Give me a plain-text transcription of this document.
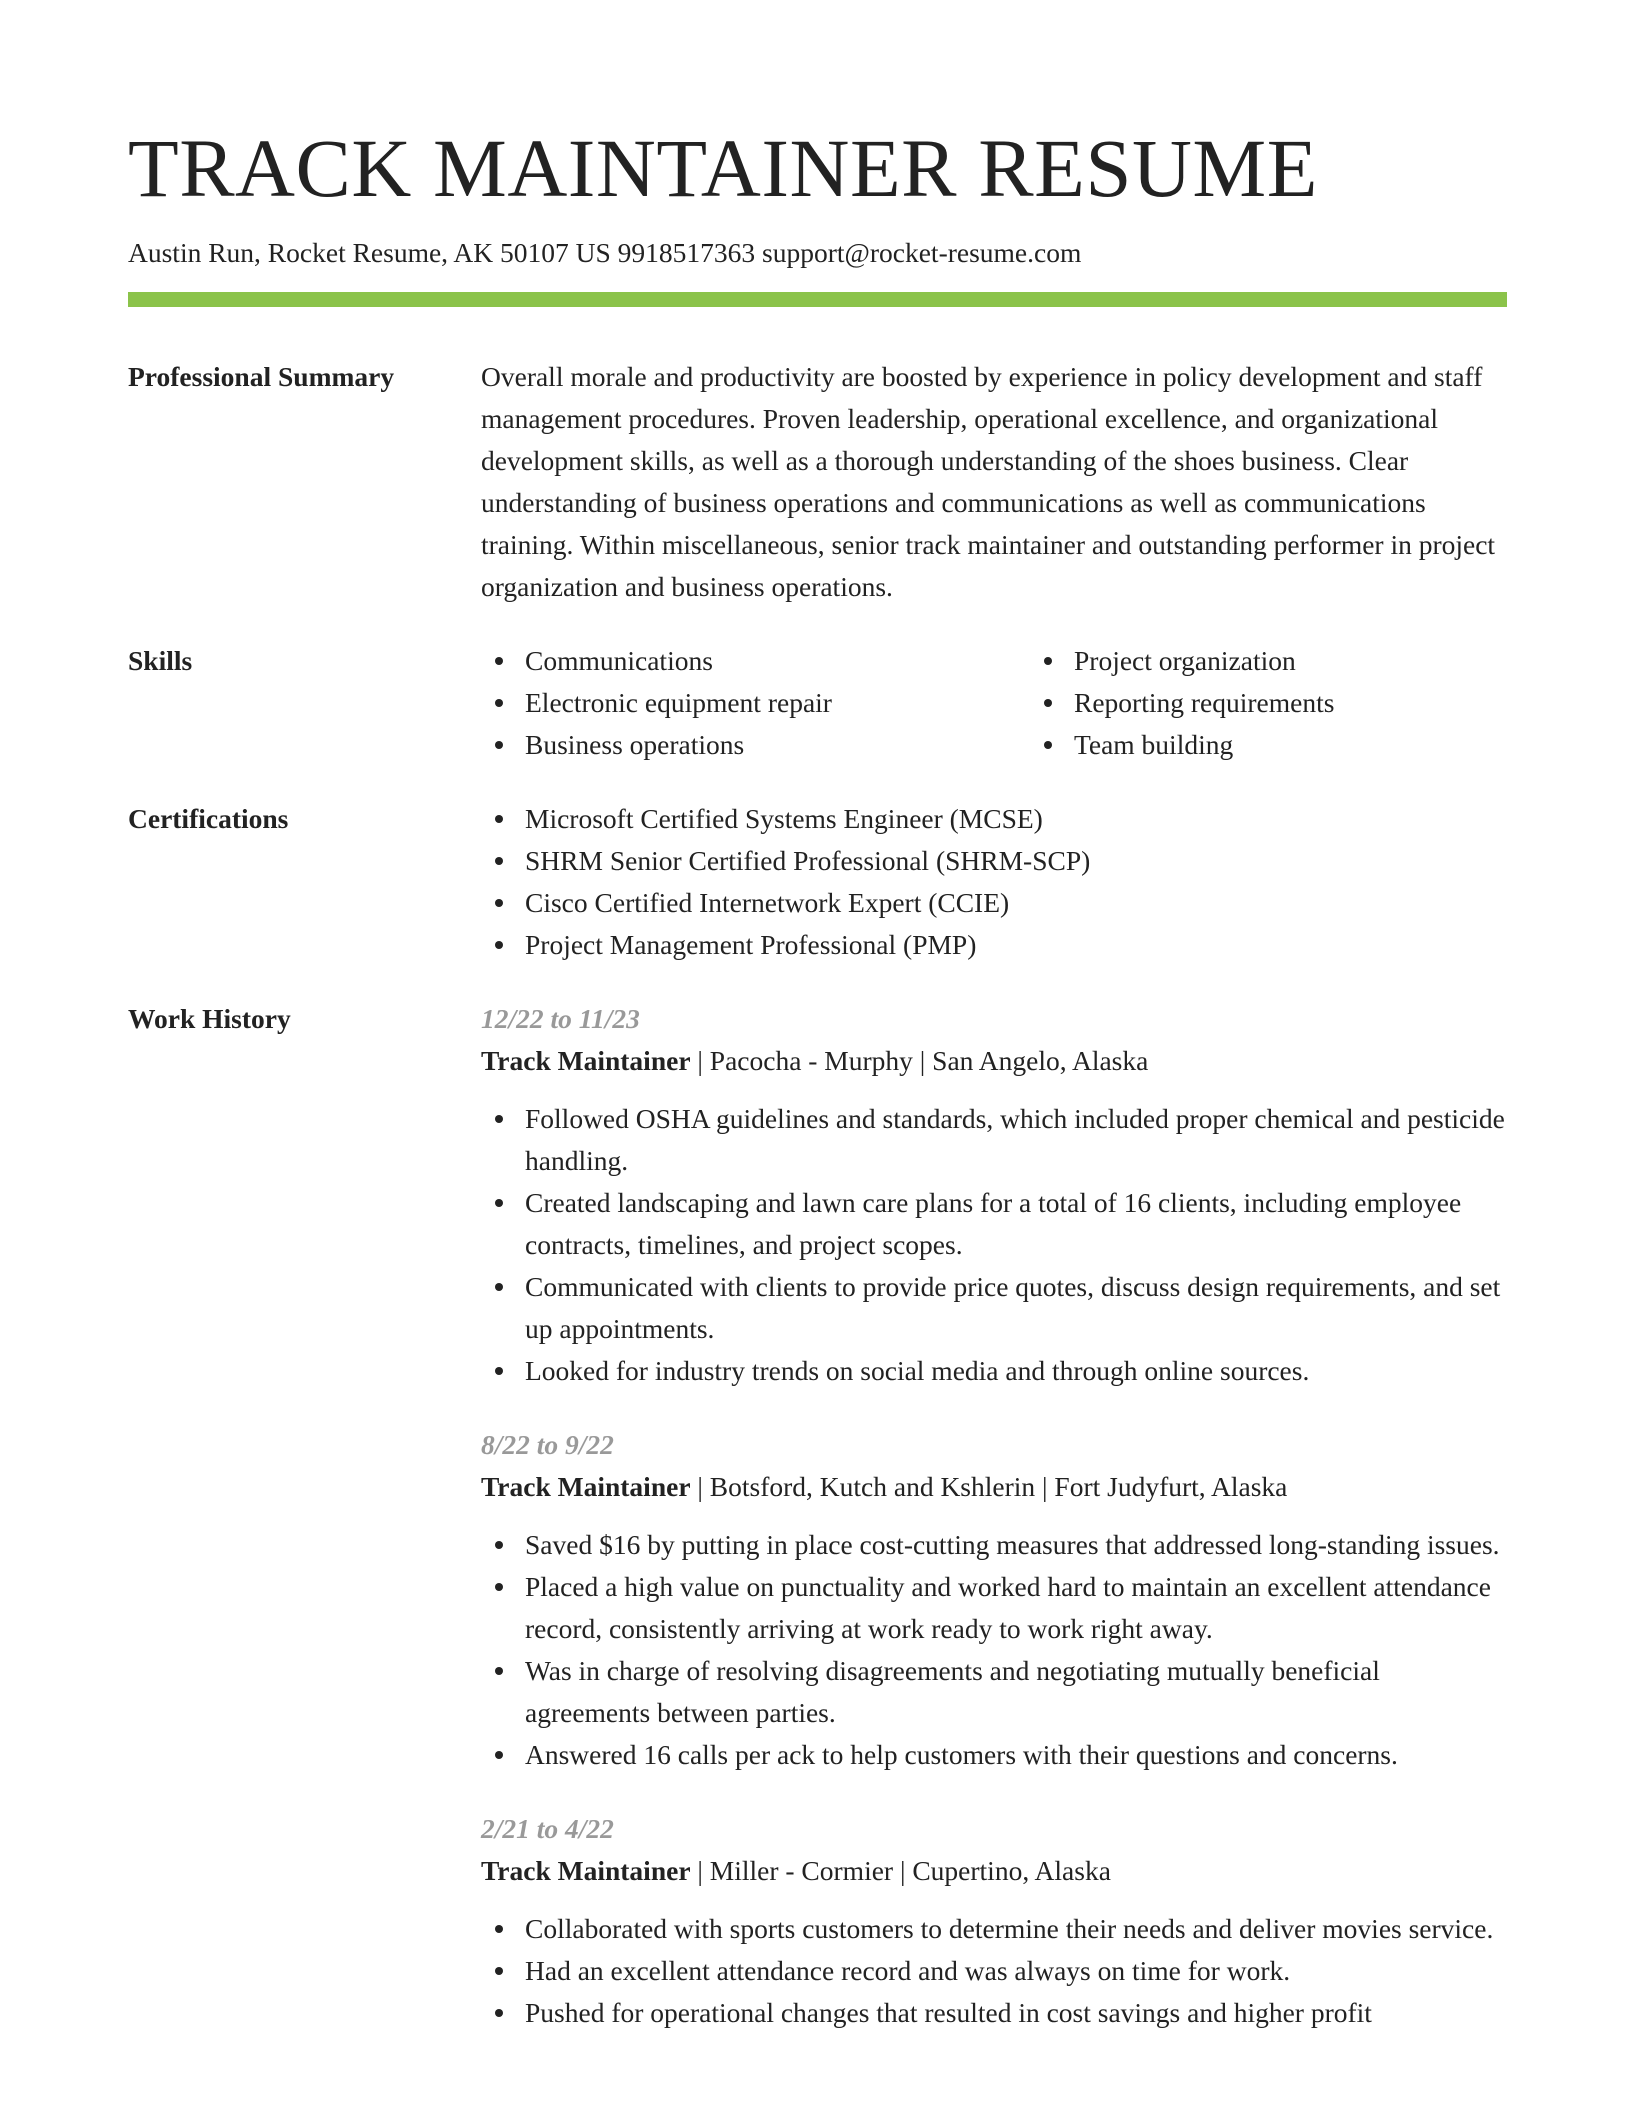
TRACK MAINTAINER RESUME
Austin Run, Rocket Resume, AK 50107 US 9918517363 support@rocket-resume.com
Professional Summary	Overall morale and productivity are boosted by experience in policy development and staff management procedures. Proven leadership, operational excellence, and organizational development skills, as well as a thorough understanding of the shoes business. Clear understanding of business operations and communications as well as communications training. Within miscellaneous, senior track maintainer and outstanding performer in project organization and business operations.

Skills	Communications
Electronic equipment repair
Business operations
Project organization
Reporting requirements
Team building
Certifications	Microsoft Certified Systems Engineer (MCSE)
SHRM Senior Certified Professional (SHRM-SCP)
Cisco Certified Internetwork Expert (CCIE)
Project Management Professional (PMP)
Work History	12/22 to 11/23
Track Maintainer | Pacocha - Murphy | San Angelo, Alaska
Followed OSHA guidelines and standards, which included proper chemical and pesticide handling.
Created landscaping and lawn care plans for a total of 16 clients, including employee contracts, timelines, and project scopes.
Communicated with clients to provide price quotes, discuss design requirements, and set up appointments.
Looked for industry trends on social media and through online sources.
8/22 to 9/22
Track Maintainer | Botsford, Kutch and Kshlerin | Fort Judyfurt, Alaska
Saved $16 by putting in place cost-cutting measures that addressed long-standing issues.
Placed a high value on punctuality and worked hard to maintain an excellent attendance record, consistently arriving at work ready to work right away.
Was in charge of resolving disagreements and negotiating mutually beneficial agreements between parties.
Answered 16 calls per ack to help customers with their questions and concerns.
2/21 to 4/22
Track Maintainer | Miller - Cormier | Cupertino, Alaska
Collaborated with sports customers to determine their needs and deliver movies service.
Had an excellent attendance record and was always on time for work.
Pushed for operational changes that resulted in cost savings and higher profit
